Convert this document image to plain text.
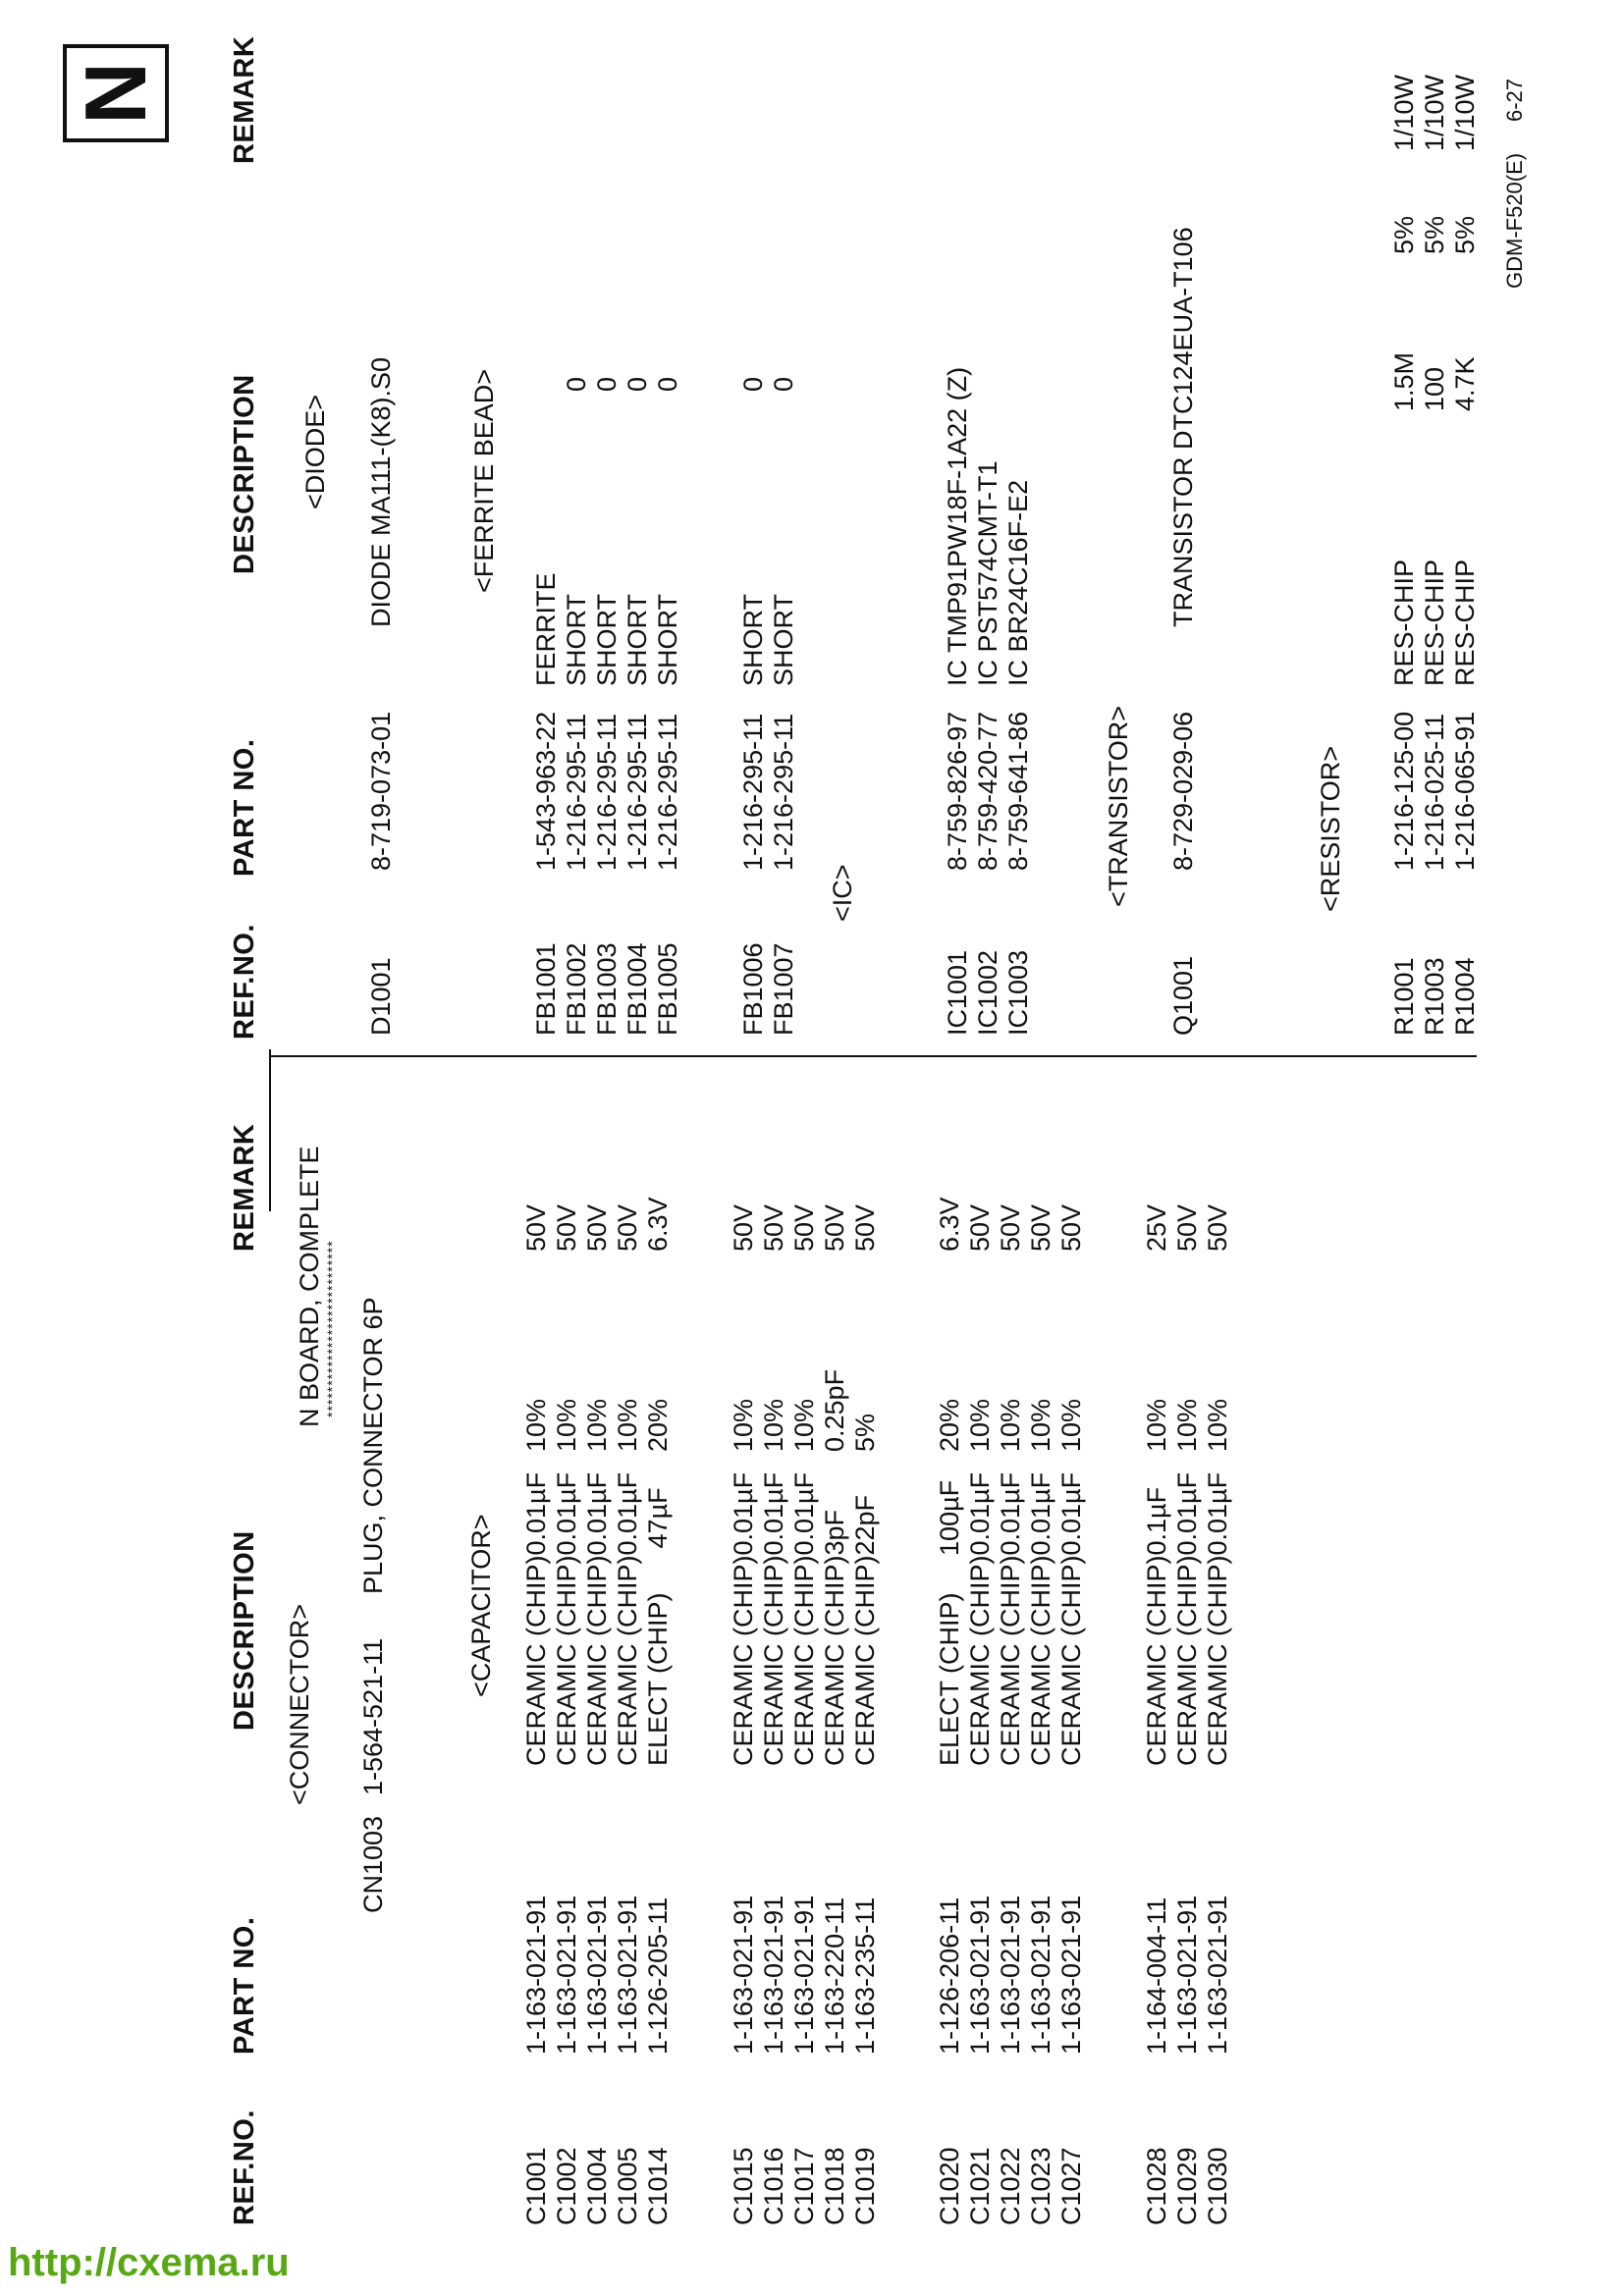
REF.NO.
PART NO.
DESCRIPTION
REMARK
REF.NO.
PART NO.
DESCRIPTION
REMARK
N BOARD, COMPLETE ****************************
<CAPACITOR>
C1001
1-163-021-91
CERAMIC (CHIP)0.01µF
10%
50V
C1002
1-163-021-91
CERAMIC (CHIP)0.01µF
10%
50V
C1004
1-163-021-91
CERAMIC (CHIP)0.01µF
10%
50V
C1005
1-163-021-91
CERAMIC (CHIP)0.01µF
10%
50V
C1014
1-126-205-11
ELECT (CHIP)      47µF
20%
6.3V
C1015
1-163-021-91
CERAMIC (CHIP)0.01µF
10%
50V
C1016
1-163-021-91
CERAMIC (CHIP)0.01µF
10%
50V
C1017
1-163-021-91
CERAMIC (CHIP)0.01µF
10%
50V
C1018
1-163-220-11
CERAMIC (CHIP)3pF
0.25pF
50V
C1019
1-163-235-11
CERAMIC (CHIP)22pF
5%
50V
C1020
1-126-206-11
ELECT (CHIP)     100µF
20%
6.3V
C1021
1-163-021-91
CERAMIC (CHIP)0.01µF
10%
50V
C1022
1-163-021-91
CERAMIC (CHIP)0.01µF
10%
50V
C1023
1-163-021-91
CERAMIC (CHIP)0.01µF
10%
50V
C1027
1-163-021-91
CERAMIC (CHIP)0.01µF
10%
50V
C1028
1-164-004-11
CERAMIC (CHIP)0.1µF
10%
25V
C1029
1-163-021-91
CERAMIC (CHIP)0.01µF
10%
50V
C1030
1-163-021-91
CERAMIC (CHIP)0.01µF
10%
50V
<CONNECTOR>
CN1003
1-564-521-11
PLUG, CONNECTOR 6P
<DIODE>
D1001
8-719-073-01
DIODE MA111-(K8).S0	<FERRITE BEAD>
FB1001
1-543-963-22
FERRITE
FB1002
1-216-295-11
SHORT
0
FB1003
1-216-295-11
SHORT
0
FB1004
1-216-295-11
SHORT
0
FB1005
1-216-295-11
SHORT
0
FB1006
1-216-295-11
SHORT
0
FB1007
1-216-295-11
SHORT
0
<IC>
IC1001
8-759-826-97
IC TMP91PW18F-1A22 (Z)
IC1002
8-759-420-77
IC PST574CMT-T1
IC1003
8-759-641-86
IC BR24C16F-E2
<TRANSISTOR>
Q1001
8-729-029-06
TRANSISTOR DTC124EUA-T106
<RESISTOR>
R1001
1-216-125-00
RES-CHIP
1.5M
5%
1/10W
R1003
1-216-025-11
RES-CHIP
100
5%
1/10W
R1004
1-216-065-91
RES-CHIP
4.7K
5%
1/10W
N
GDM-F520(E)
6-27
http://cxema.ru
